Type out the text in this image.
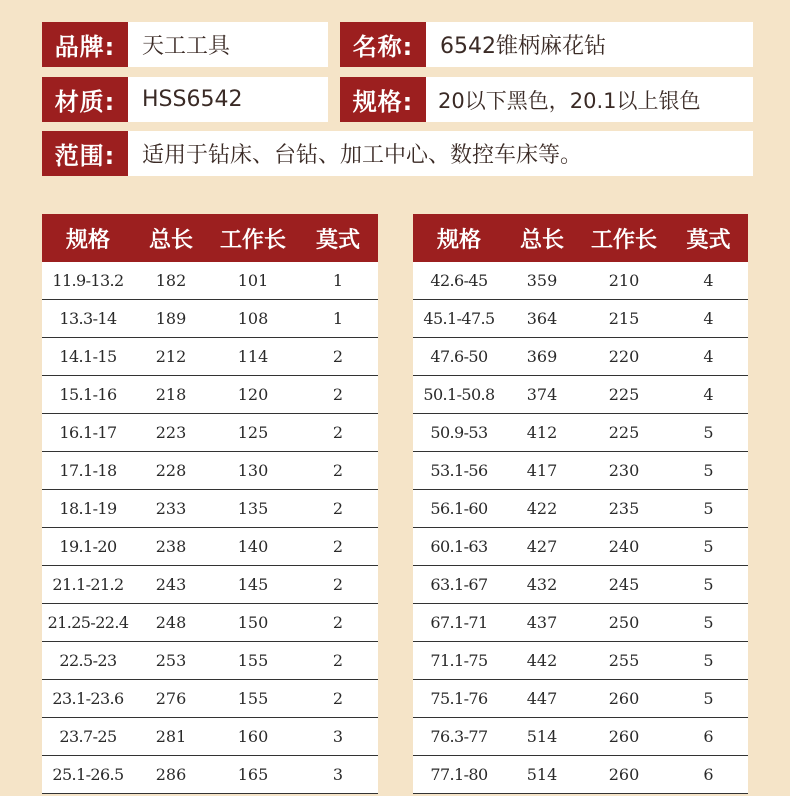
品牌:	天工工具	名称:	6542锥柄麻花钻
材质:	HSS6542	规格:	20以下黑色，20.1以上银色
范围:	适用于钻床、台钻、加工中心、数控车床等。
规格	总长	工作长	莫式
11.9-13.2	182	101	1
13.3-14	189	108	1
14.1-15	212	114	2
15.1-16	218	120	2
16.1-17	223	125	2
17.1-18	228	130	2
18.1-19	233	135	2
19.1-20	238	140	2
21.1-21.2	243	145	2
21.25-22.4	248	150	2
22.5-23	253	155	2
23.1-23.6	276	155	2
23.7-25	281	160	3
25.1-26.5	286	165	3
规格	总长	工作长	莫式
42.6-45	359	210	4
45.1-47.5	364	215	4
47.6-50	369	220	4
50.1-50.8	374	225	4
50.9-53	412	225	5
53.1-56	417	230	5
56.1-60	422	235	5
60.1-63	427	240	5
63.1-67	432	245	5
67.1-71	437	250	5
71.1-75	442	255	5
75.1-76	447	260	5
76.3-77	514	260	6
77.1-80	514	260	6
